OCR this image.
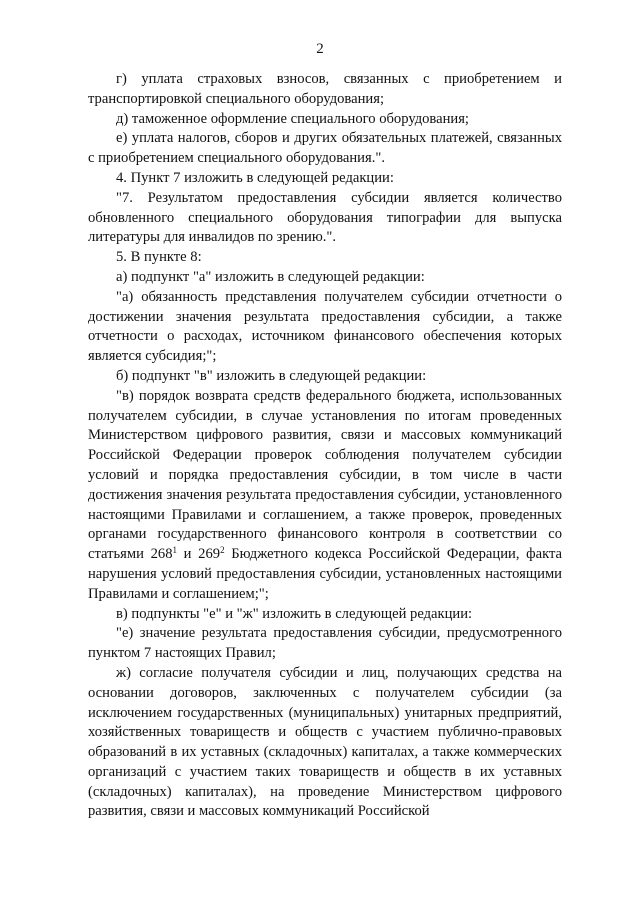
2

г) уплата страховых взносов, связанных с приобретением и транспортировкой специального оборудования;

д) таможенное оформление специального оборудования;

е) уплата налогов, сборов и других обязательных платежей, связанных с приобретением специального оборудования.".

4. Пункт 7 изложить в следующей редакции:

"7. Результатом предоставления субсидии является количество обновленного специального оборудования типографии для выпуска литературы для инвалидов по зрению.".

5. В пункте 8:

а) подпункт "а" изложить в следующей редакции:

"а) обязанность представления получателем субсидии отчетности о достижении значения результата предоставления субсидии, а также отчетности о расходах, источником финансового обеспечения которых является субсидия;";

б) подпункт "в" изложить в следующей редакции:

"в) порядок возврата средств федерального бюджета, использованных получателем субсидии, в случае установления по итогам проведенных Министерством цифрового развития, связи и массовых коммуникаций Российской Федерации проверок соблюдения получателем субсидии условий и порядка предоставления субсидии, в том числе в части достижения значения результата предоставления субсидии, установленного настоящими Правилами и соглашением, а также проверок, проведенных органами государственного финансового контроля в соответствии со статьями $268^1$ и $269^2$ Бюджетного кодекса Российской Федерации, факта нарушения условий предоставления субсидии, установленных настоящими Правилами и соглашением;";

в) подпункты "е" и "ж" изложить в следующей редакции:

"е) значение результата предоставления субсидии, предусмотренного пунктом 7 настоящих Правил;

ж) согласие получателя субсидии и лиц, получающих средства на основании договоров, заключенных с получателем субсидии (за исключением государственных (муниципальных) унитарных предприятий, хозяйственных товариществ и обществ с участием публично-правовых образований в их уставных (складочных) капиталах, а также коммерческих организаций с участием таких товариществ и обществ в их уставных (складочных) капиталах), на проведение Министерством цифрового развития, связи и массовых коммуникаций Российской
